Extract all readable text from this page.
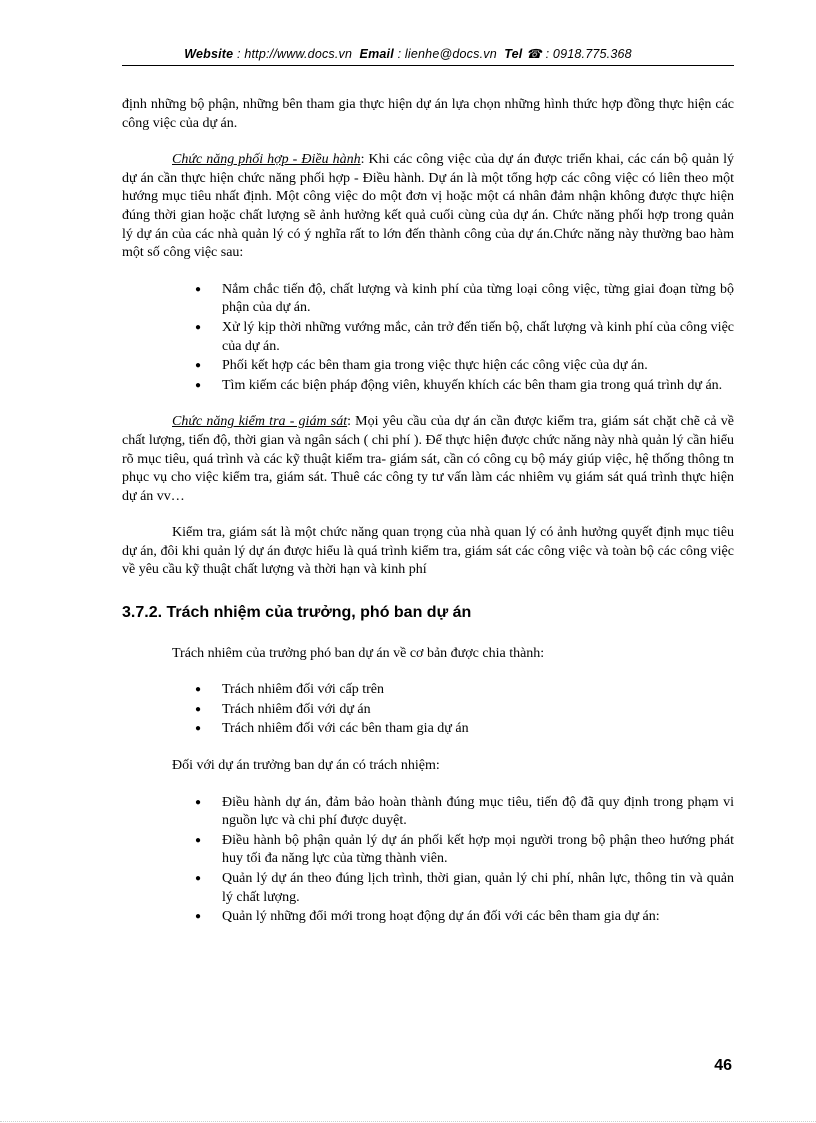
Website : http://www.docs.vn Email : lienhe@docs.vn Tel ☎ : 0918.775.368

định những bộ phận, những bên tham gia thực hiện dự án lựa chọn những hình thức hợp đồng thực hiện các công việc của dự án.

Chức năng phối hợp - Điều hành: Khi các công việc của dự án được triển khai, các cán bộ quản lý dự án cần thực hiện chức năng phối hợp - Điều hành. Dự án là một tổng hợp các công việc có liên theo một hướng mục tiêu nhất định. Một công việc do một đơn vị hoặc một cá nhân đảm nhận không được thực hiện đúng thời gian hoặc chất lượng sẽ ảnh hưởng kết quả cuối cùng của dự án. Chức năng phối hợp trong quản lý dự án của các nhà quản lý có ý nghĩa rất to lớn đến thành công của dự án.Chức năng này thường bao hàm một số công việc sau:

● Nắm chắc tiến độ, chất lượng và kinh phí của từng loại công việc, từng giai đoạn từng bộ phận của dự án.
● Xử lý kịp thời những vướng mắc, cản trở đến tiến bộ, chất lượng và kinh phí của công việc của dự án.
● Phối kết hợp các bên tham gia trong việc thực hiện các công việc của dự án.
● Tìm kiếm các biện pháp động viên, khuyến khích các bên tham gia trong quá trình dự án.

Chức năng kiểm tra - giám sát: Mọi yêu cầu của dự án cần được kiểm tra, giám sát chặt chẽ cả về chất lượng, tiến độ, thời gian và ngân sách ( chi phí ). Để thực hiện được chức năng này nhà quản lý cần hiểu rõ mục tiêu, quá trình và các kỹ thuật kiểm tra- giám sát, cần có công cụ bộ máy giúp việc, hệ thống thông tn phục vụ cho việc kiểm tra, giám sát. Thuê các công ty tư vấn làm các nhiêm vụ giám sát quá trình thực hiện dự án vv…

Kiểm tra, giám sát là một chức năng quan trọng của nhà quan lý có ảnh hưởng quyết định mục tiêu dự án, đôi khi quản lý dự án được hiểu là quá trình kiểm tra, giám sát các công việc và toàn bộ các công việc về yêu cầu kỹ thuật chất lượng và thời hạn và kinh phí

3.7.2. Trách nhiệm của trưởng, phó ban dự án

Trách nhiêm của trưởng phó ban dự án về cơ bản được chia thành:

● Trách nhiêm đối với cấp trên
● Trách nhiêm đối với dự án
● Trách nhiêm đối với các bên tham gia dự án

Đối với dự án trưởng ban dự án có trách nhiệm:

● Điều hành dự án, đảm bảo hoàn thành đúng mục tiêu, tiến độ đã quy định trong phạm vi nguồn lực và chi phí được duyệt.
● Điều hành bộ phận quản lý dự án phối kết hợp mọi người trong bộ phận theo hướng phát huy tối đa năng lực của từng thành viên.
● Quản lý dự án theo đúng lịch trình, thời gian, quản lý chi phí, nhân lực, thông tin và quản lý chất lượng.
● Quản lý những đổi mới trong hoạt động dự án đối với các bên tham gia dự án:
46
